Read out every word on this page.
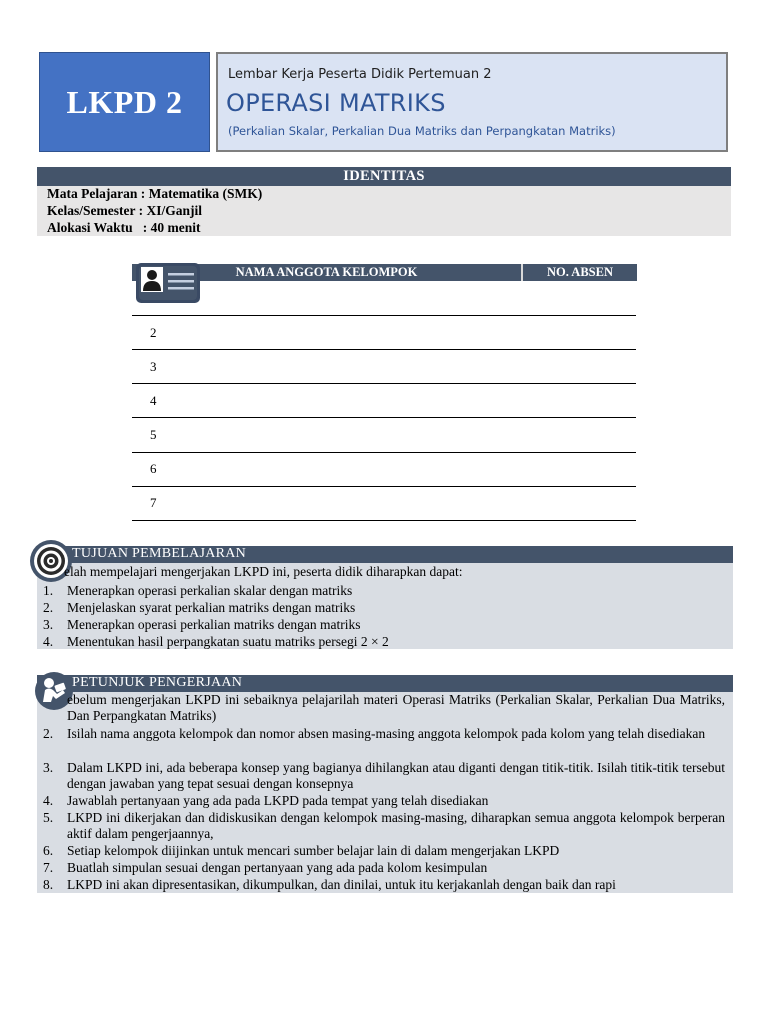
LKPD 2
Lembar Kerja Peserta Didik Pertemuan 2
OPERASI MATRIKS
(Perkalian Skalar, Perkalian Dua Matriks dan Perpangkatan Matriks)
IDENTITAS
Mata Pelajaran : Matematika (SMK)
Kelas/Semester : XI/Ganjil
Alokasi Waktu   : 40 menit
NAMA ANGGOTA KELOMPOK	NO. ABSEN
2
3
4
5
6
7
TUJUAN PEMBELAJARAN
elah mempelajari mengerjakan LKPD ini, peserta didik diharapkan dapat:
1. Menerapkan operasi perkalian skalar dengan matriks
2. Menjelaskan syarat perkalian matriks dengan matriks
3. Menerapkan operasi perkalian matriks dengan matriks
4. Menentukan hasil perpangkatan suatu matriks persegi 2 × 2
PETUNJUK PENGERJAAN
ebelum mengerjakan LKPD ini sebaiknya pelajarilah materi Operasi Matriks (Perkalian Skalar, Perkalian Dua Matriks, Dan Perpangkatan Matriks)
2. Isilah nama anggota kelompok dan nomor absen masing-masing anggota kelompok pada kolom yang telah disediakan
3. Dalam LKPD ini, ada beberapa konsep yang bagianya dihilangkan atau diganti dengan titik-titik. Isilah titik-titik tersebut dengan jawaban yang tepat sesuai dengan konsepnya
4. Jawablah pertanyaan yang ada pada LKPD pada tempat yang telah disediakan
5. LKPD ini dikerjakan dan didiskusikan dengan kelompok masing-masing, diharapkan semua anggota kelompok berperan aktif dalam pengerjaannya,
6. Setiap kelompok diijinkan untuk mencari sumber belajar lain di dalam mengerjakan LKPD
7. Buatlah simpulan sesuai dengan pertanyaan yang ada pada kolom kesimpulan
8. LKPD ini akan dipresentasikan, dikumpulkan, dan dinilai, untuk itu kerjakanlah dengan baik dan rapi
